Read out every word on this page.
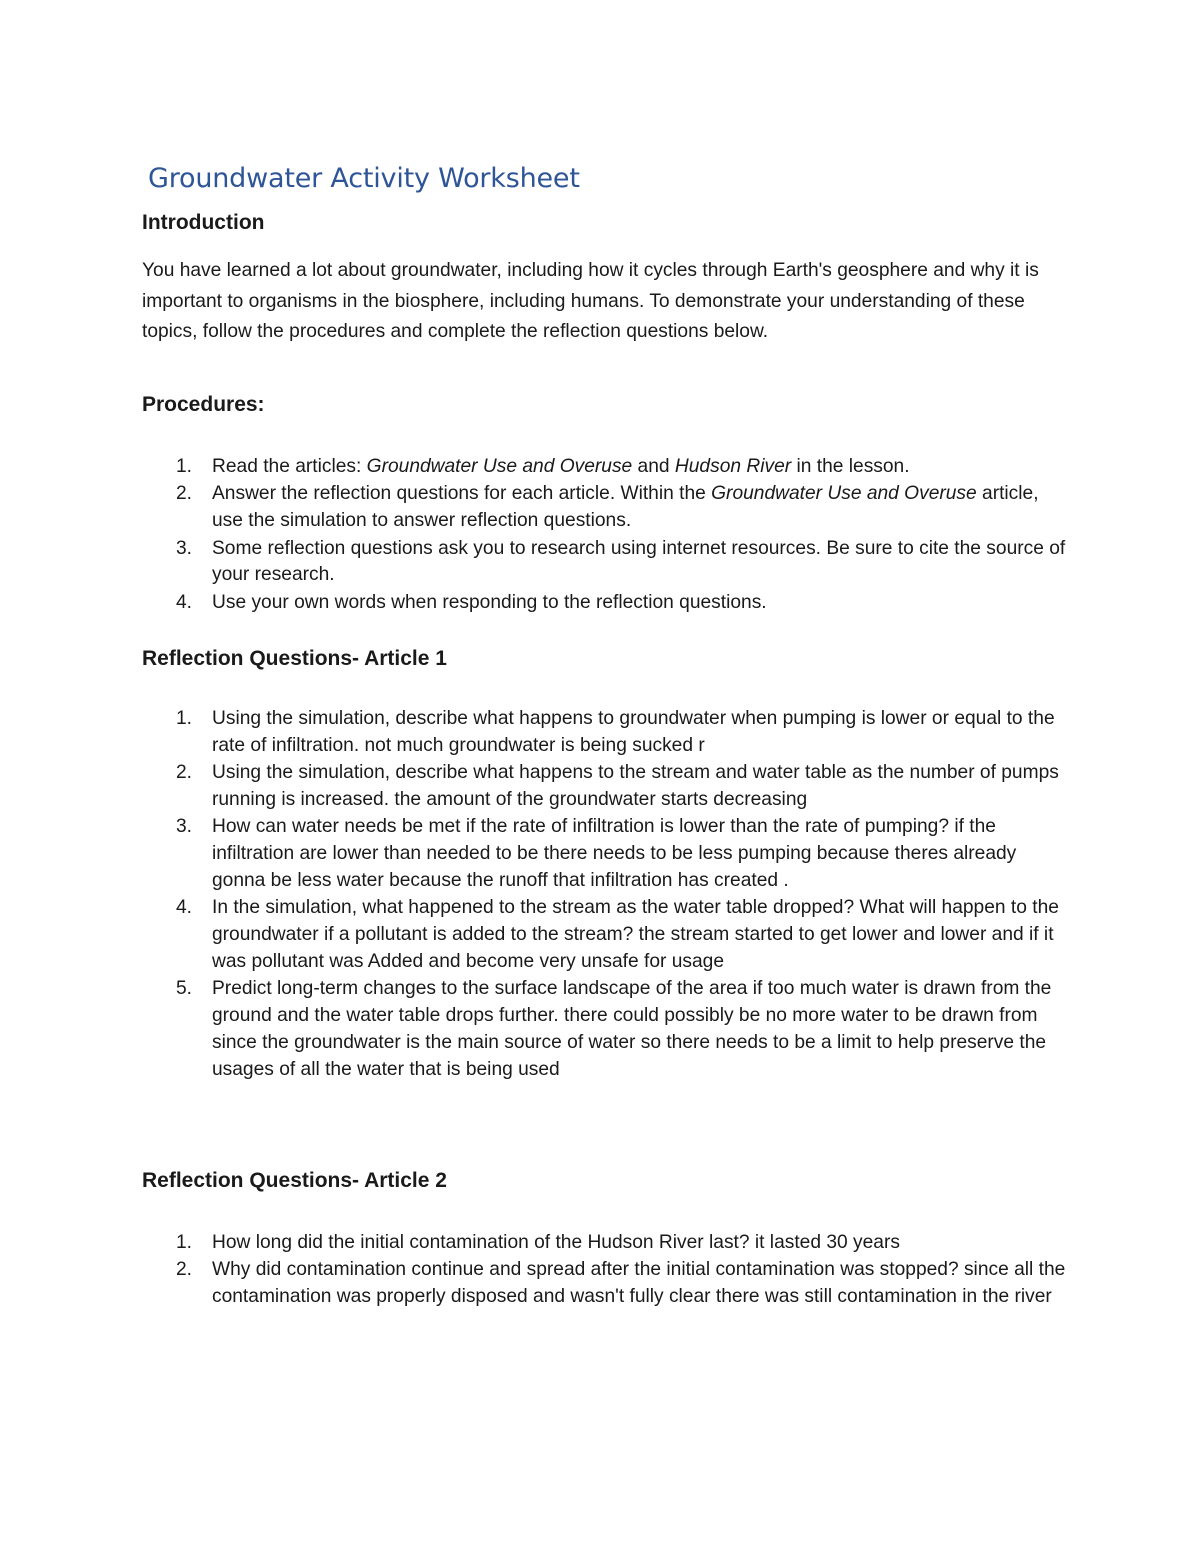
Groundwater Activity Worksheet
Introduction

You have learned a lot about groundwater, including how it cycles through Earth's geosphere and why it is important to organisms in the biosphere, including humans. To demonstrate your understanding of these topics, follow the procedures and complete the reflection questions below.

Procedures:
1. Read the articles: Groundwater Use and Overuse and Hudson River in the lesson.
2. Answer the reflection questions for each article. Within the Groundwater Use and Overuse article, use the simulation to answer reflection questions.
3. Some reflection questions ask you to research using internet resources. Be sure to cite the source of your research.
4. Use your own words when responding to the reflection questions.
Reflection Questions- Article 1
1. Using the simulation, describe what happens to groundwater when pumping is lower or equal to the rate of infiltration. not much groundwater is being sucked r
2. Using the simulation, describe what happens to the stream and water table as the number of pumps running is increased. the amount of the groundwater starts decreasing
3. How can water needs be met if the rate of infiltration is lower than the rate of pumping? if the infiltration are lower than needed to be there needs to be less pumping because theres already gonna be less water because the runoff that infiltration has created .
4. In the simulation, what happened to the stream as the water table dropped? What will happen to the groundwater if a pollutant is added to the stream? the stream started to get lower and lower and if it was pollutant was Added and become very unsafe for usage
5. Predict long-term changes to the surface landscape of the area if too much water is drawn from the ground and the water table drops further. there could possibly be no more water to be drawn from since the groundwater is the main source of water so there needs to be a limit to help preserve the usages of all the water that is being used
Reflection Questions- Article 2
1. How long did the initial contamination of the Hudson River last? it lasted 30 years
2. Why did contamination continue and spread after the initial contamination was stopped? since all the contamination was properly disposed and wasn't fully clear there was still contamination in the river
